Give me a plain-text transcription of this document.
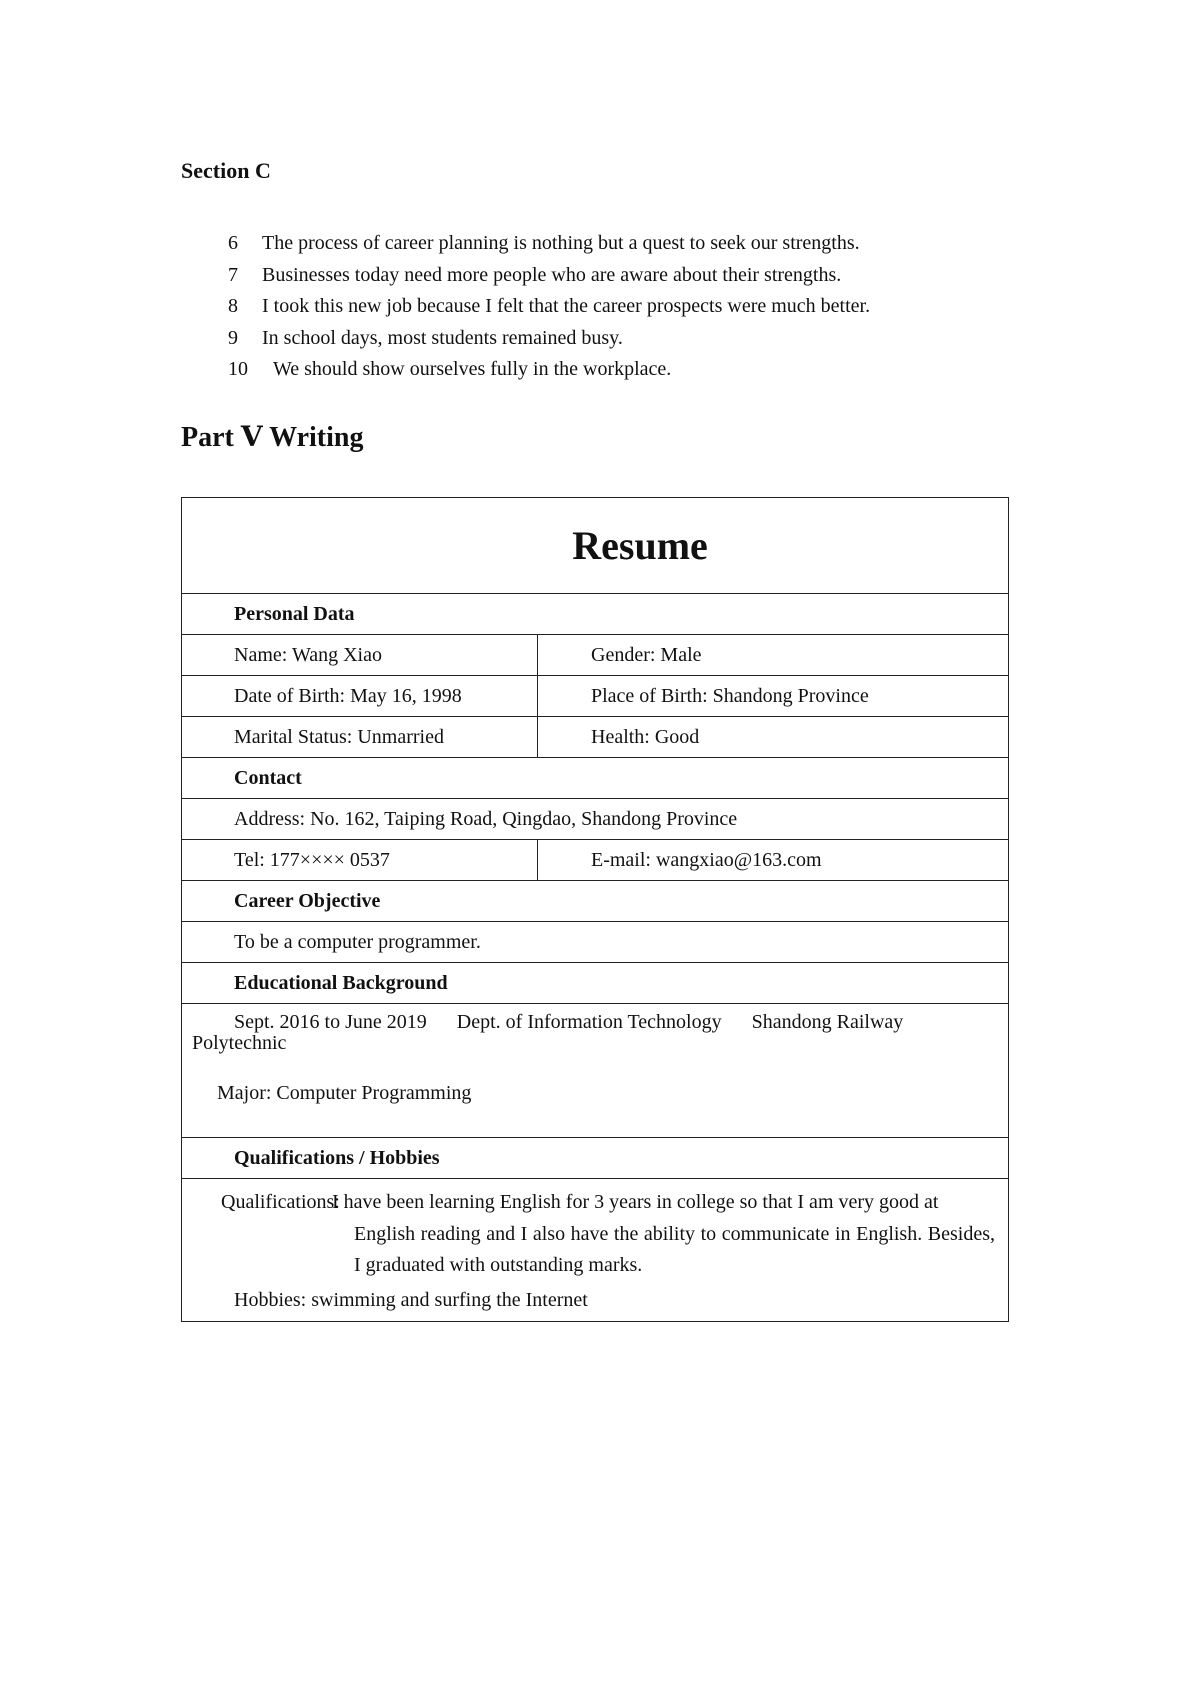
Section C
6 The process of career planning is nothing but a quest to seek our strengths.
7 Businesses today need more people who are aware about their strengths.
8 I took this new job because I felt that the career prospects were much better.
9 In school days, most students remained busy.
10 We should show ourselves fully in the workplace.
Part Ⅴ Writing
Resume
Personal Data
Name: Wang Xiao	Gender: Male
Date of Birth: May 16, 1998	Place of Birth: Shandong Province
Marital Status: Unmarried	Health: Good
Contact
Address: No. 162, Taiping Road, Qingdao, Shandong Province
Tel: 177×××× 0537	E-mail: wangxiao@163.com
Career Objective
To be a computer programmer.
Educational Background
Sept. 2016 to June 2019 Dept. of Information Technology Shandong Railway Polytechnic
Major: Computer Programming
Qualifications / Hobbies
Qualifications:
I have been learning English for 3 years in college so that I am very good at
English reading and I also have the ability to communicate in English. Besides, I graduated with outstanding marks.
Hobbies: swimming and surfing the Internet
